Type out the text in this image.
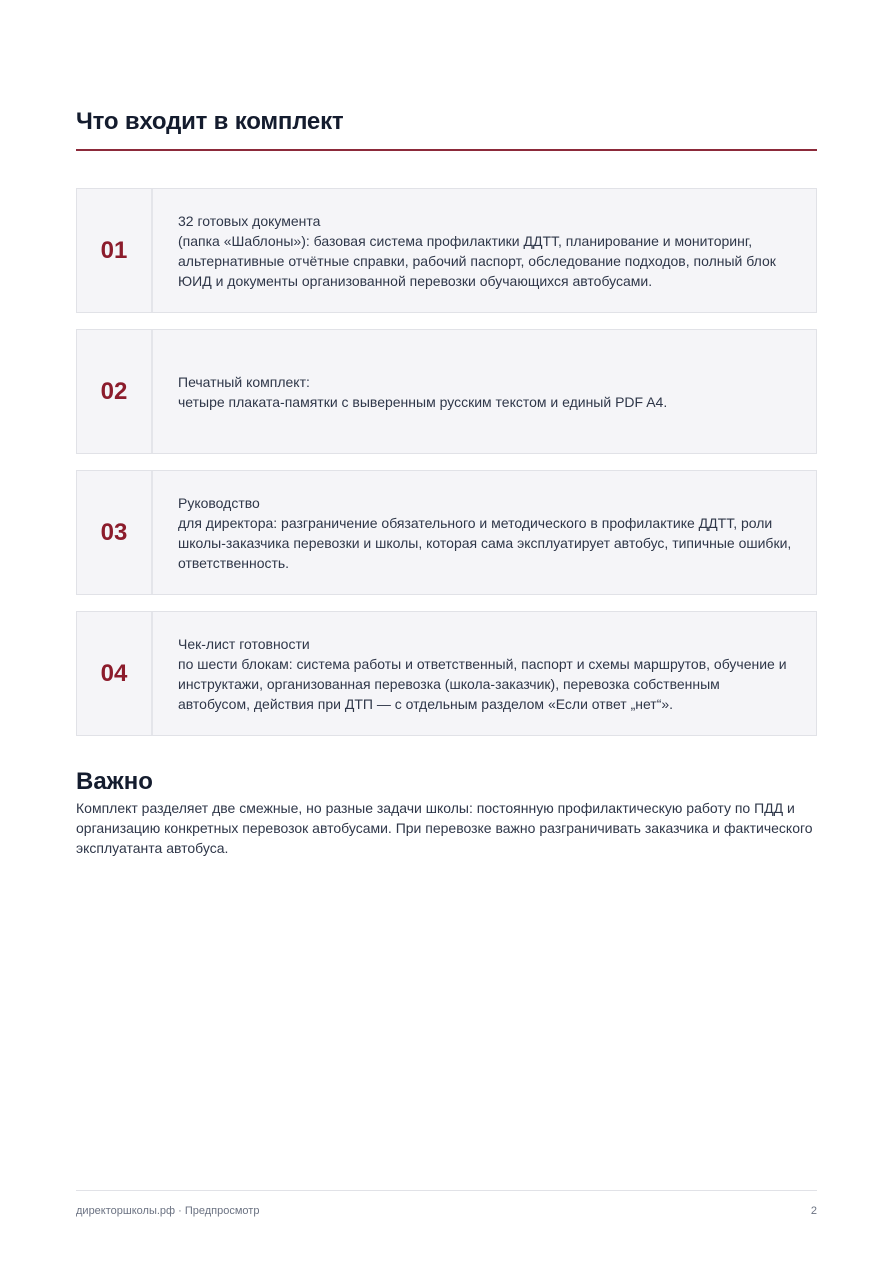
Что входит в комплект
01
32 готовых документа
(папка «Шаблоны»): базовая система профилактики ДДТТ, планирование и мониторинг, альтернативные отчётные справки, рабочий паспорт, обследование подходов, полный блок ЮИД и документы организованной перевозки обучающихся автобусами.
02	Печатный комплект:
четыре плаката-памятки с выверенным русским текстом и единый PDF A4.
03
Руководство
для директора: разграничение обязательного и методического в профилактике ДДТТ, роли школы-заказчика перевозки и школы, которая сама эксплуатирует автобус, типичные ошибки, ответственность.
04
Чек-лист готовности
по шести блокам: система работы и ответственный, паспорт и схемы маршрутов, обучение и инструктажи, организованная перевозка (школа-заказчик), перевозка собственным автобусом, действия при ДТП — с отдельным разделом «Если ответ „нет“».
Важно

Комплект разделяет две смежные, но разные задачи школы: постоянную профилактическую работу по ПДД и организацию конкретных перевозок автобусами. При перевозке важно разграничивать заказчика и фактического эксплуатанта автобуса.

директоршколы.рф · Предпросмотр	2
